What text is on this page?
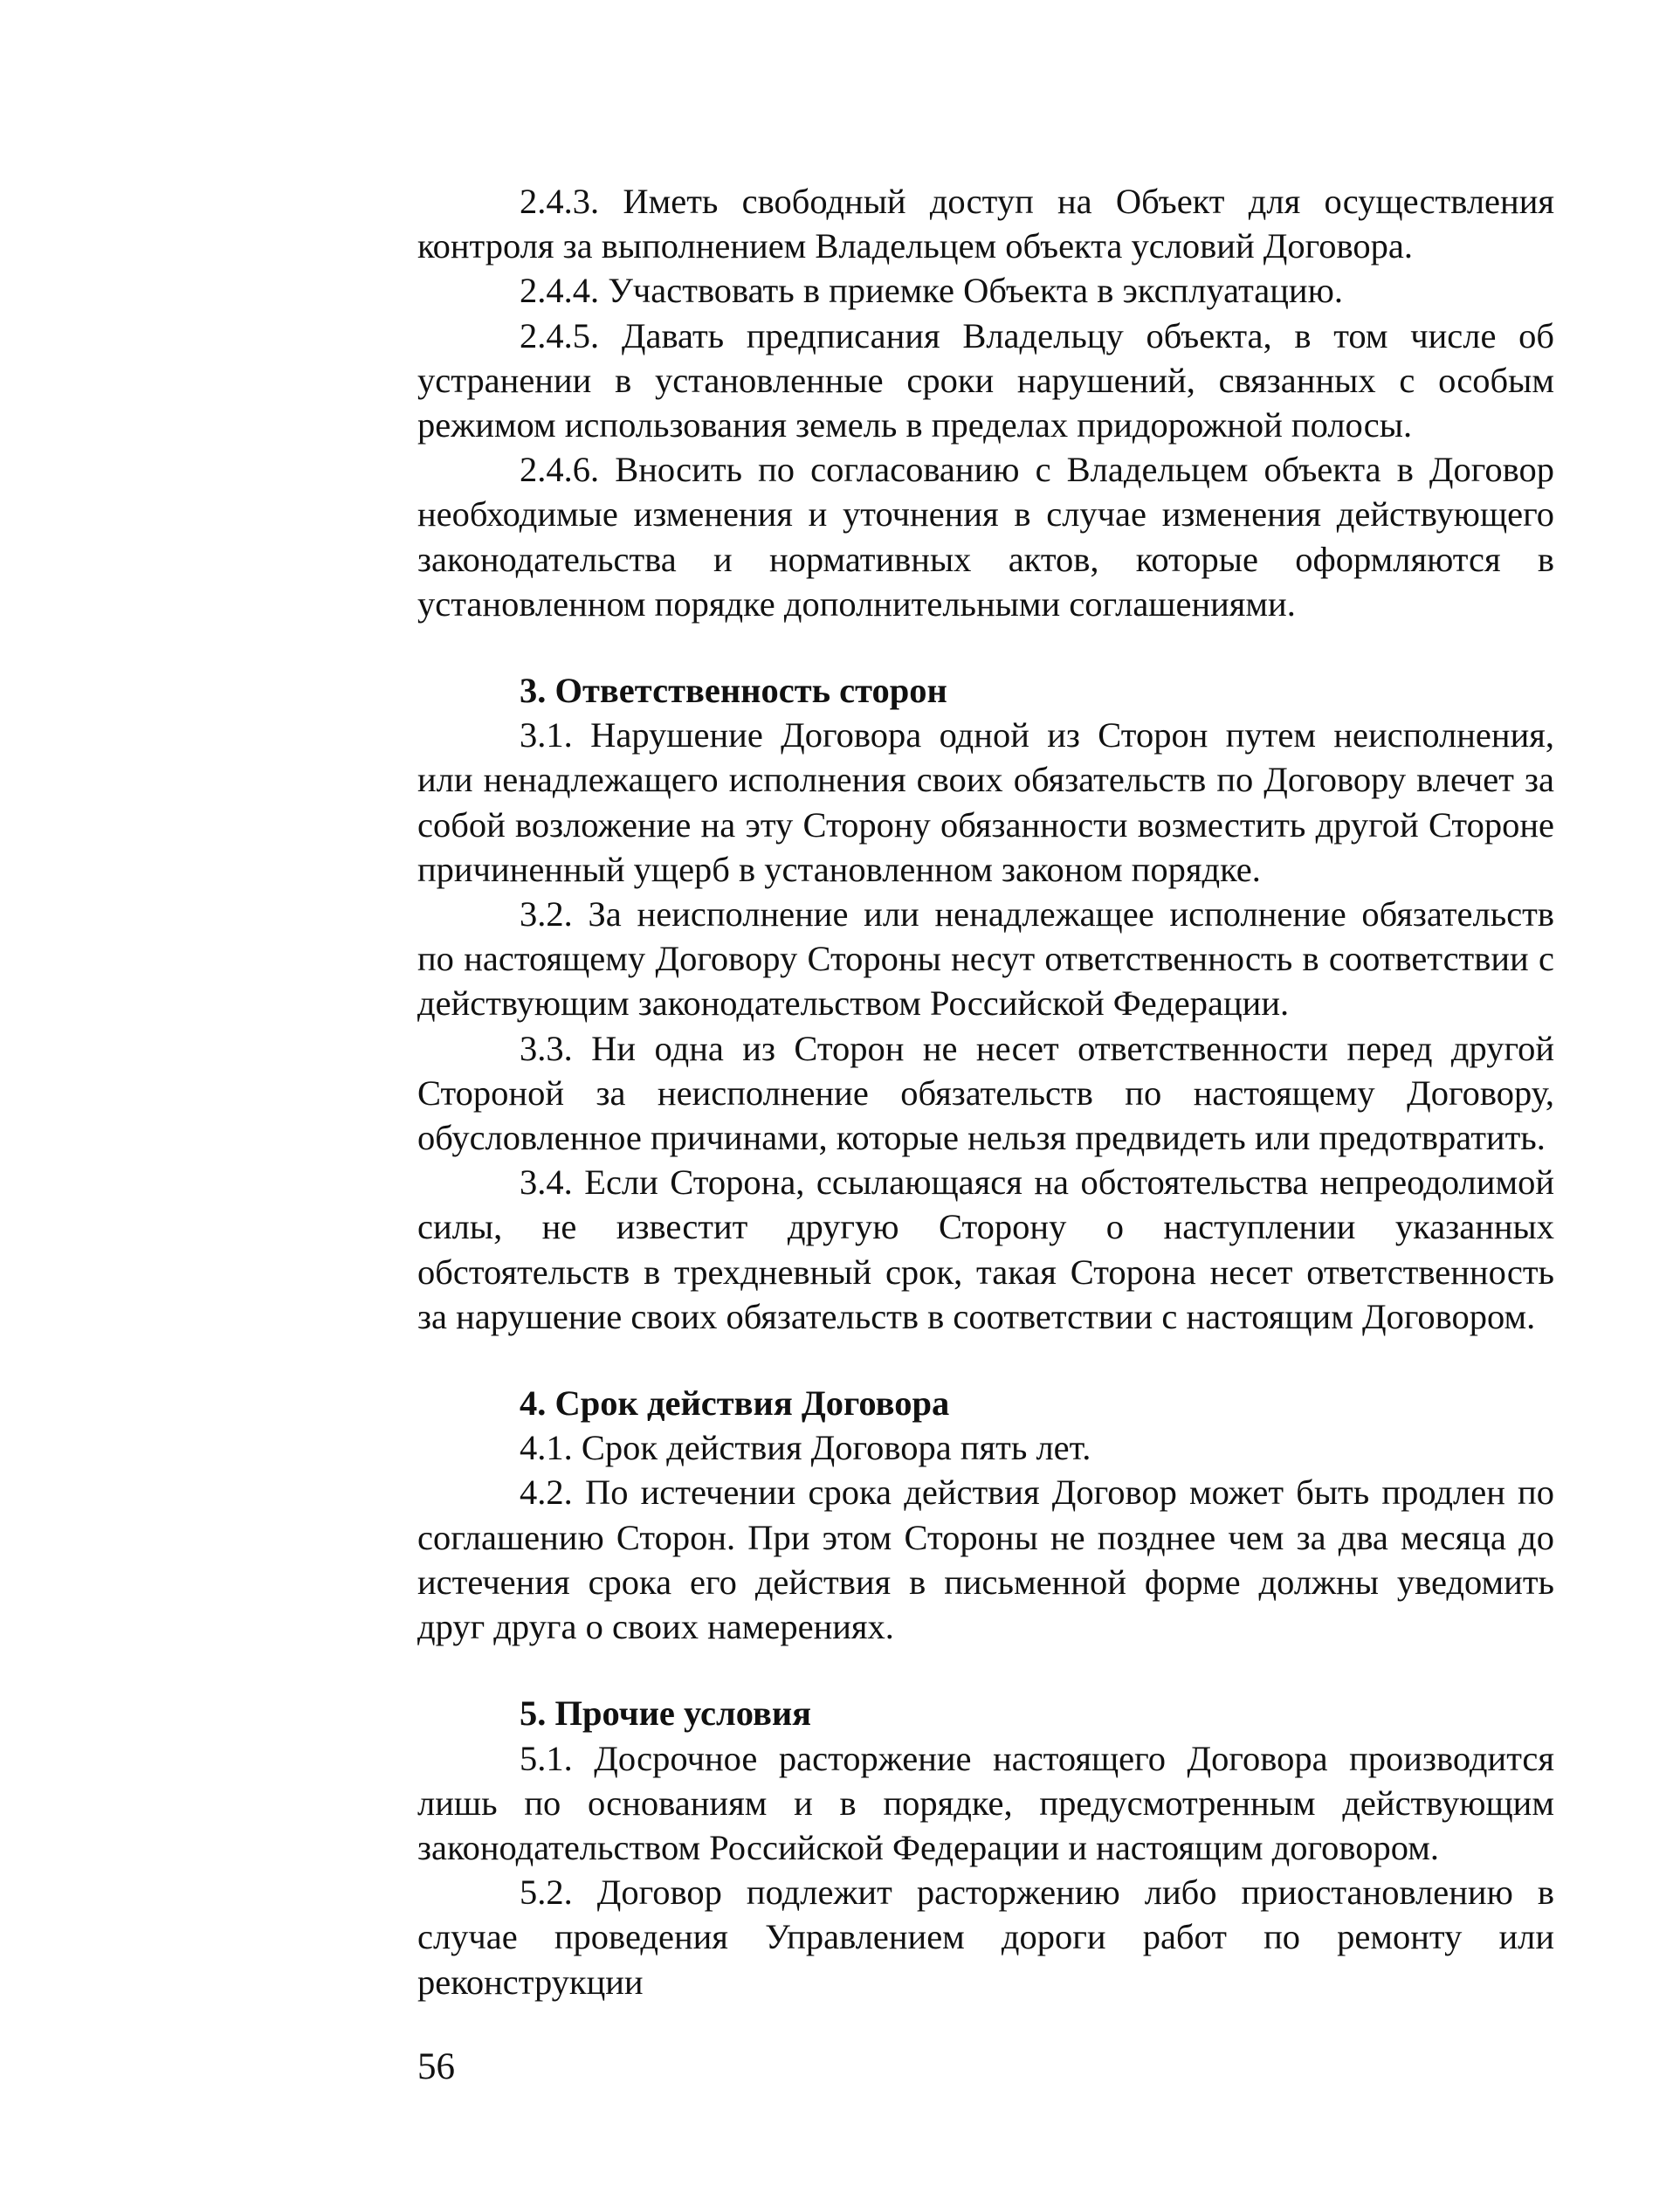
2.4.3. Иметь свободный доступ на Объект для осуществления контроля за выполнением Владельцем объекта условий Договора.

2.4.4. Участвовать в приемке Объекта в эксплуатацию.

2.4.5. Давать предписания Владельцу объекта, в том числе об устранении в установленные сроки нарушений, связанных с особым режимом использования земель в пределах придорожной полосы.

2.4.6. Вносить по согласованию с Владельцем объекта в Договор необходимые изменения и уточнения в случае изменения действующего законодательства и нормативных актов, которые оформляются в установленном порядке дополнительными соглашениями.

3. Ответственность сторон

3.1. Нарушение Договора одной из Сторон путем неисполнения, или ненадлежащего исполнения своих обязательств по Договору влечет за собой возложение на эту Сторону обязанности возместить другой Стороне причиненный ущерб в установленном законом порядке.

3.2. За неисполнение или ненадлежащее исполнение обязательств по настоящему Договору Стороны несут ответственность в соответствии с действующим законодательством Российской Федерации.

3.3. Ни одна из Сторон не несет ответственности перед другой Стороной за неисполнение обязательств по настоящему Договору, обусловленное причинами, которые нельзя предвидеть или предотвратить.

3.4. Если Сторона, ссылающаяся на обстоятельства непреодолимой силы, не известит другую Сторону о наступлении указанных обстоятельств в трехдневный срок, такая Сторона несет ответственность за нарушение своих обязательств в соответствии с настоящим Договором.

4. Срок действия Договора

4.1. Срок действия Договора пять лет.

4.2. По истечении срока действия Договор может быть продлен по соглашению Сторон. При этом Стороны не позднее чем за два месяца до истечения срока его действия в письменной форме должны уведомить друг друга о своих намерениях.

5. Прочие условия

5.1. Досрочное расторжение настоящего Договора производится лишь по основаниям и в порядке, предусмотренным действующим законодательством Российской Федерации и настоящим договором.

5.2. Договор подлежит расторжению либо приостановлению в случае проведения Управлением дороги работ по ремонту или реконструкции

56
